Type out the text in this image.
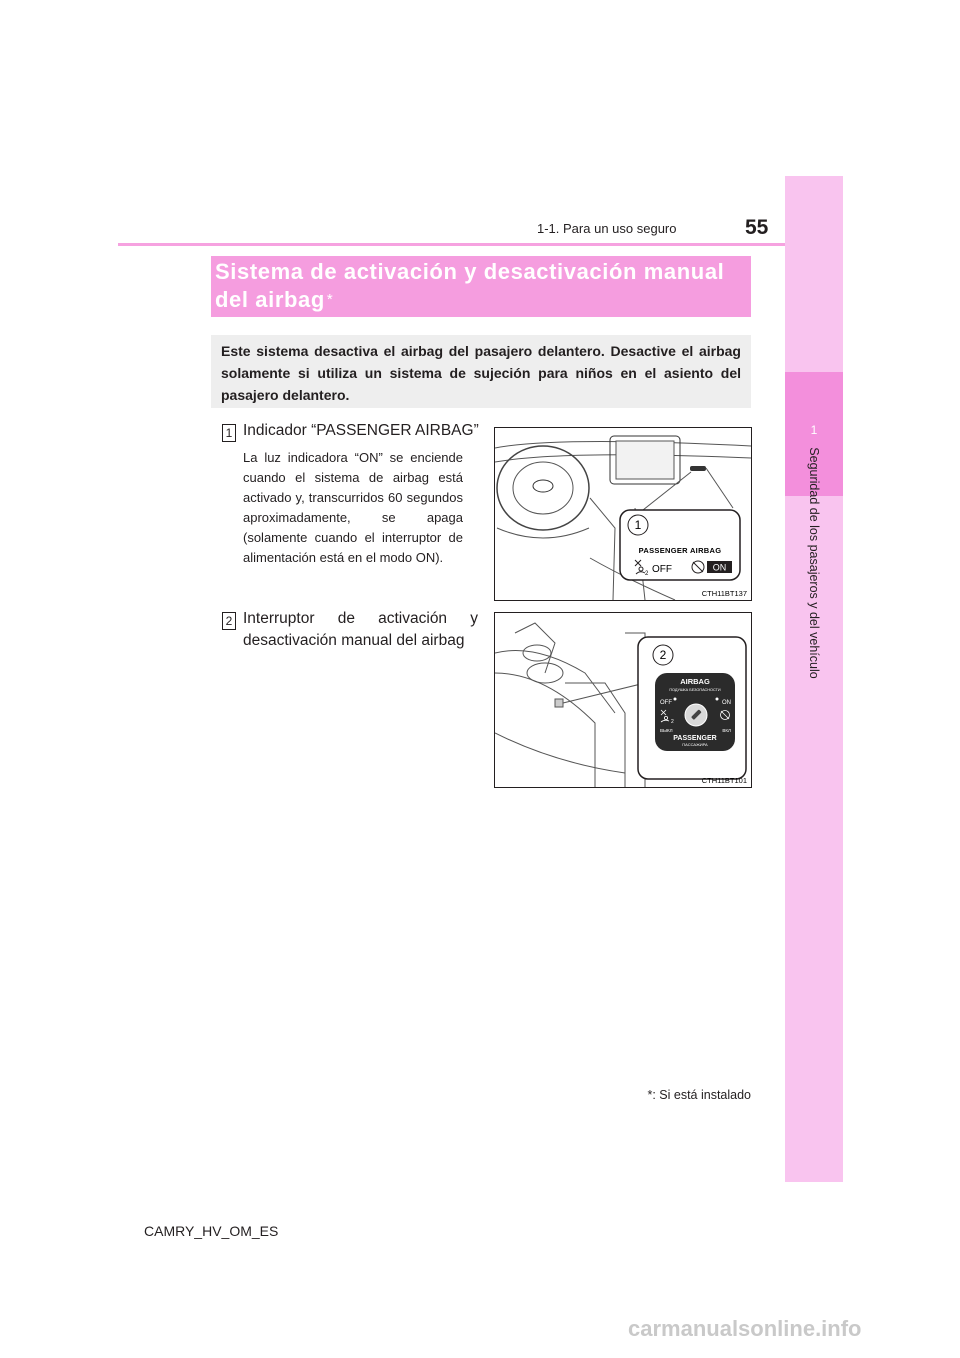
55
1-1. Para un uso seguro
1
Seguridad de los pasajeros y del vehículo
Sistema de activación y desactivación manual del airbag *
Este sistema desactiva el airbag del pasajero delantero. Desactive el airbag solamente si utiliza un sistema de sujeción para niños en el asiento del pasajero delantero.
1 Indicador “PASSENGER AIRBAG”
La luz indicadora “ON” se enciende cuando el sistema de airbag está activado y, transcurridos 60 segundos aproximadamente, se apaga (solamente cuando el interruptor de alimentación está en el modo ON).
2 Interruptor de activación y desactivación manual del airbag
1
PASSENGER AIRBAG
2 OFF	ON
CTH11BT137
2
AIRBAG
ПОДУШКА БЕЗОПАСНОСТИ
OFF	ON
2
ВЫКЛ	ВКЛ
PASSENGER
ПАССАЖИРА
CTH11BT101
*: Si está instalado
CAMRY_HV_OM_ES
carmanualsonline.info
